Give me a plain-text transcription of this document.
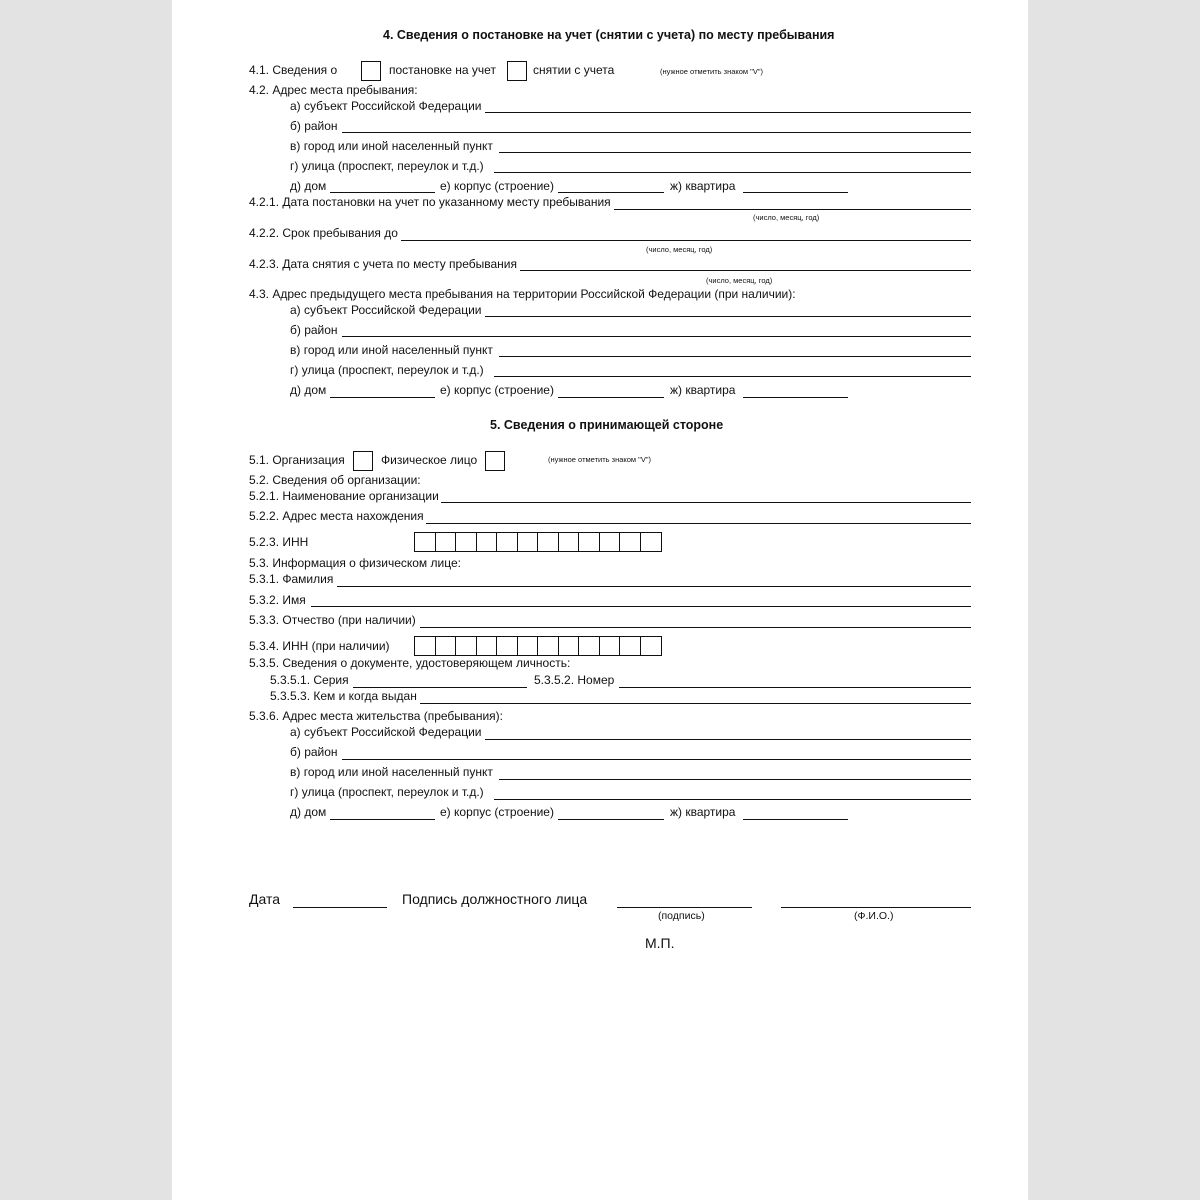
4. Сведения о постановке на учет (снятии с учета) по месту пребывания
4.1. Сведения о	постановке на учет	снятии с учета	(нужное отметить знаком "V")
4.2. Адрес места пребывания:
а) субъект Российской Федерации
б) район
в) город или иной населенный пункт
г) улица (проспект, переулок и т.д.)
д) дом	е) корпус (строение)	ж) квартира
4.2.1. Дата постановки на учет по указанному месту пребывания
(число, месяц, год)
4.2.2. Срок пребывания до
(число, месяц, год)
4.2.3. Дата снятия с учета по месту пребывания
(число, месяц, год)
4.3. Адрес предыдущего места пребывания на территории Российской Федерации (при наличии):
а) субъект Российской Федерации
б) район
в) город или иной населенный пункт
г) улица (проспект, переулок и т.д.)
д) дом	е) корпус (строение)	ж) квартира
5. Сведения о принимающей стороне
5.1. Организация	Физическое лицо	(нужное отметить знаком "V")
5.2. Сведения об организации:
5.2.1. Наименование организации
5.2.2. Адрес места нахождения
5.2.3. ИНН
5.3. Информация о физическом лице:
5.3.1. Фамилия
5.3.2. Имя
5.3.3. Отчество (при наличии)
5.3.4. ИНН (при наличии)
5.3.5. Сведения о документе, удостоверяющем личность:
5.3.5.1. Серия	5.3.5.2. Номер
5.3.5.3. Кем и когда выдан
5.3.6. Адрес места жительства (пребывания):
а) субъект Российской Федерации
б) район
в) город или иной населенный пункт
г) улица (проспект, переулок и т.д.)
д) дом	е) корпус (строение)	ж) квартира
Дата	Подпись должностного лица
(подпись)	(Ф.И.О.)
М.П.
